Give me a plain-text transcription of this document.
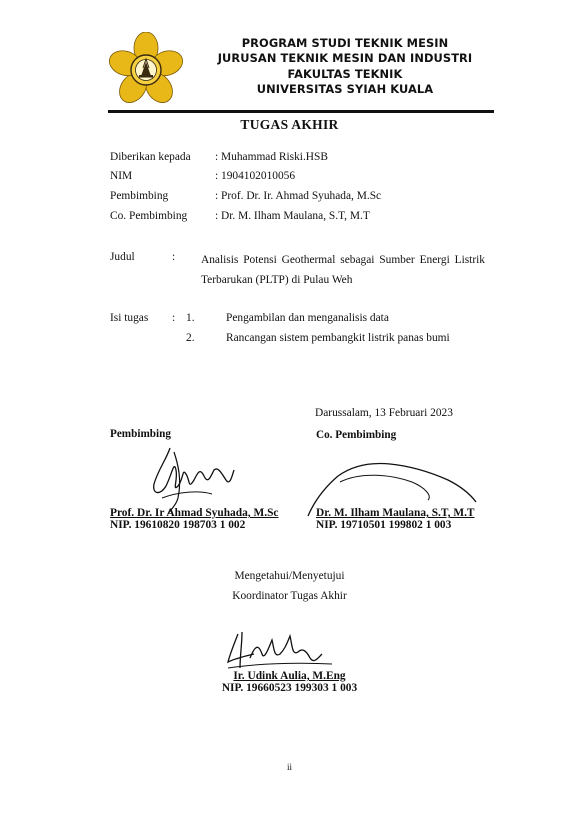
PROGRAM STUDI TEKNIK MESIN
JURUSAN TEKNIK MESIN DAN INDUSTRI
FAKULTAS TEKNIK
UNIVERSITAS SYIAH KUALA
TUGAS AKHIR
Diberikan kepada : Muhammad Riski.HSB
NIM	: 1904102010056
Pembimbing	: Prof. Dr. Ir. Ahmad Syuhada, M.Sc
Co. Pembimbing : Dr. M. Ilham Maulana, S.T, M.T
Judul	: Analisis Potensi Geothermal sebagai Sumber Energi Listrik Terbarukan (PLTP) di Pulau Weh
Isi tugas : 1.	Pengambilan dan menganalisis data
2.	Rancangan sistem pembangkit listrik panas bumi
Darussalam, 13 Februari 2023
Pembimbing
Prof. Dr. Ir Ahmad Syuhada, M.Sc
NIP. 19610820 198703 1 002
Co. Pembimbing
Dr. M. Ilham Maulana, S.T, M.T
NIP. 19710501 199802 1 003
Mengetahui/Menyetujui
Koordinator Tugas Akhir
Ir. Udink Aulia, M.Eng
NIP. 19660523 199303 1 003
ii
